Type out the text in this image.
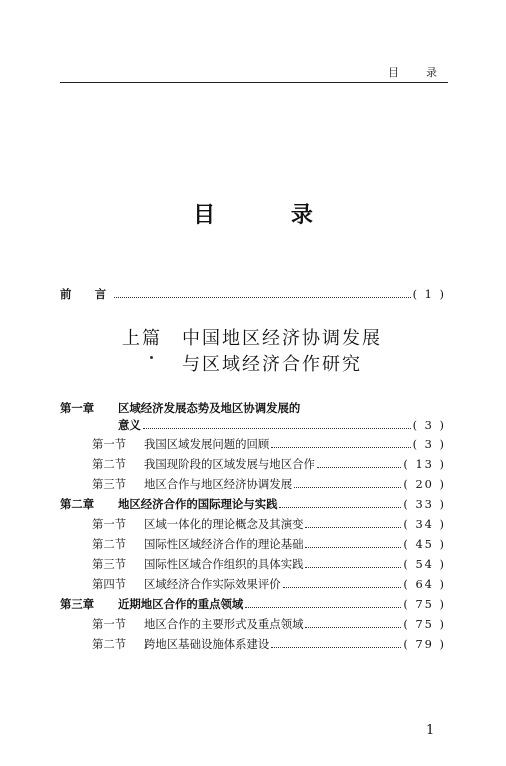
目　录
目 录
前　言	( 1 )
上篇　中国地区经济协调发展
与区域经济合作研究
第一章	区域经济发展态势及地区协调发展的
意义	( 3 )
第一节	我国区域发展问题的回顾	( 3 )
第二节	我国现阶段的区域发展与地区合作	( 13 )
第三节	地区合作与地区经济协调发展	( 20 )
第二章	地区经济合作的国际理论与实践	( 33 )
第一节	区域一体化的理论概念及其演变	( 34 )
第二节	国际性区域经济合作的理论基础	( 45 )
第三节	国际性区域合作组织的具体实践	( 54 )
第四节	区域经济合作实际效果评价	( 64 )
第三章	近期地区合作的重点领域	( 75 )
第一节	地区合作的主要形式及重点领域	( 75 )
第二节	跨地区基础设施体系建设	( 79 )
1
